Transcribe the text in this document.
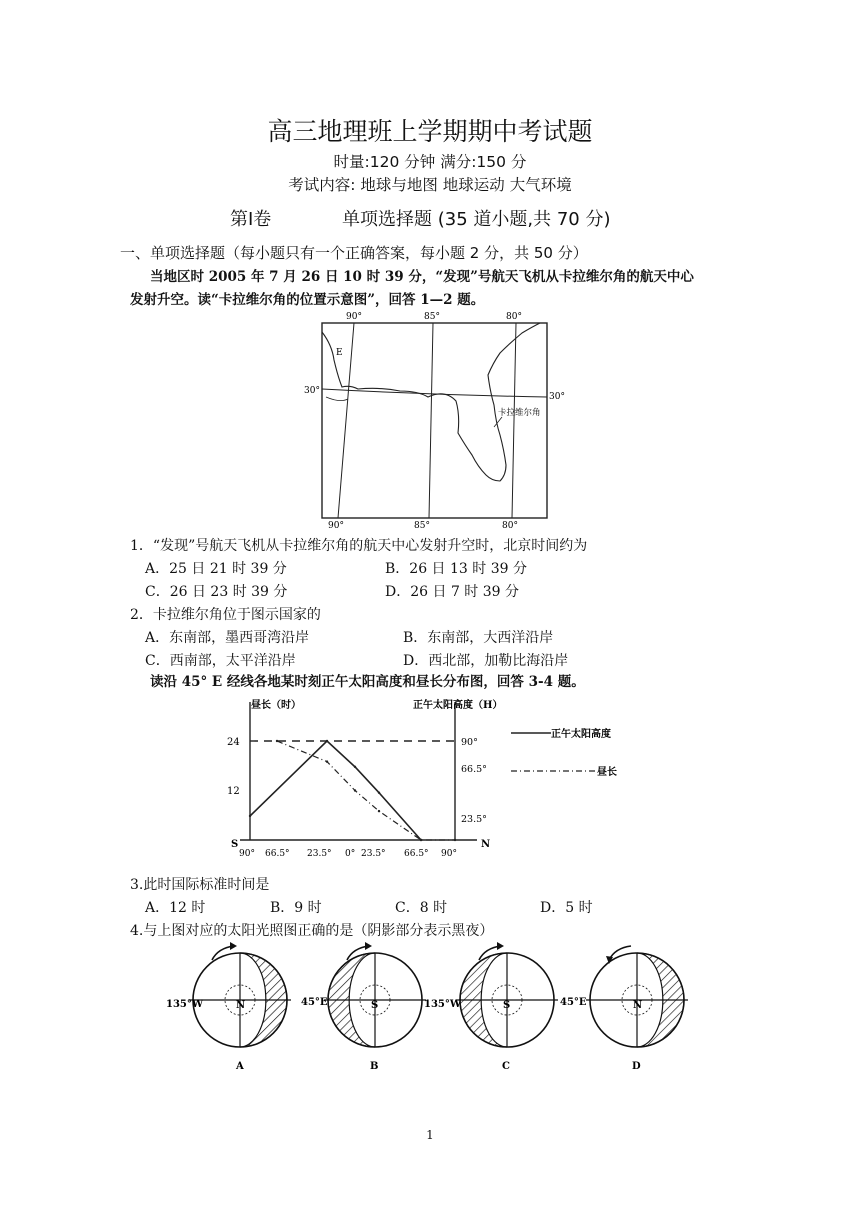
高三地理班上学期期中考试题
时量:120 分钟 满分:150 分
考试内容: 地球与地图 地球运动 大气环境
第Ⅰ卷	单项选择题 (35 道小题,共 70 分)
一、单项选择题（每小题只有一个正确答案，每小题 2 分，共 50 分）
当地区时 2005 年 7 月 26 日 10 时 39 分，“发现”号航天飞机从卡拉维尔角的航天中心
发射升空。读“卡拉维尔角的位置示意图”，回答 1—2 题。
90°	85°	80°
90°	85°	80°
30°
30°
E
卡拉维尔角
1．“发现”号航天飞机从卡拉维尔角的航天中心发射升空时，北京时间约为
A．25 日 21 时 39 分	B．26 日 13 时 39 分
C．26 日 23 时 39 分	D．26 日 7 时 39 分
2．卡拉维尔角位于图示国家的
A．东南部，墨西哥湾沿岸	B．东南部，大西洋沿岸
C．西南部，太平洋沿岸	D．西北部，加勒比海沿岸
读沿 45° E 经线各地某时刻正午太阳高度和昼长分布图，回答 3-4 题。
昼长（时）	正午太阳高度（H）
24
12
90°
66.5°
23.5°
S	N
90° 66.5° 23.5° 0° 23.5° 66.5° 90°
正午太阳高度
昼长
3.此时国际标准时间是
A．12 时	B．9 时	C．8 时	D．5 时
4.与上图对应的太阳光照图正确的是（阴影部分表示黑夜）
N	S	S	N
135°W	45°E	135°W	45°E
A	B	C	D
1
